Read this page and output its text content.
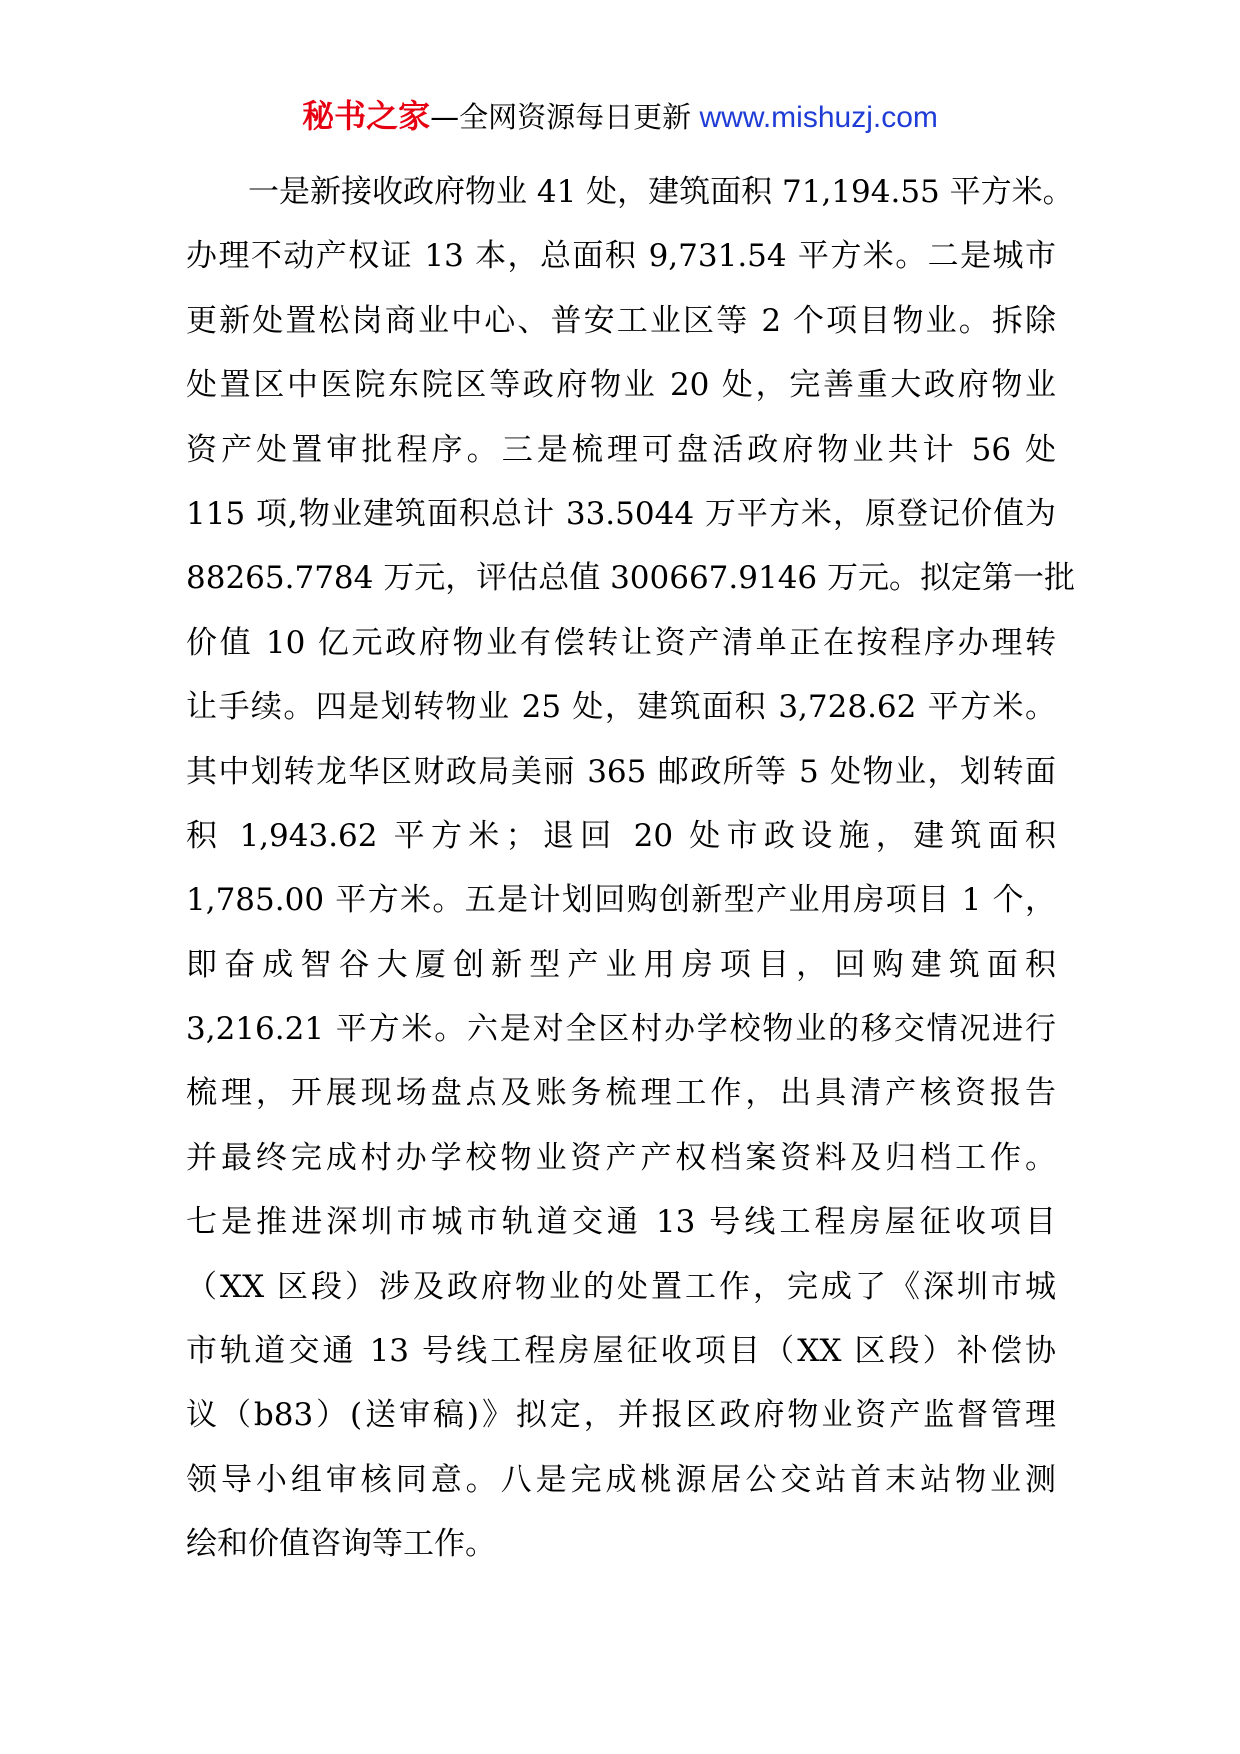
秘书之家—全网资源每日更新 www.mishuzj.com
一是新接收政府物业 41 处，建筑面积 71,194.55 平方米。
办理不动产权证 13 本，总面积 9,731.54 平方米。二是城市
更新处置松岗商业中心、普安工业区等 2 个项目物业。拆除
处置区中医院东院区等政府物业 20 处，完善重大政府物业
资产处置审批程序。三是梳理可盘活政府物业共计 56 处
115 项,物业建筑面积总计 33.5044 万平方米，原登记价值为
88265.7784 万元，评估总值 300667.9146 万元。拟定第一批
价值 10 亿元政府物业有偿转让资产清单正在按程序办理转
让手续。四是划转物业 25 处，建筑面积 3,728.62 平方米。
其中划转龙华区财政局美丽 365 邮政所等 5 处物业，划转面
积 1,943.62 平方米；退回 20 处市政设施，建筑面积
1,785.00 平方米。五是计划回购创新型产业用房项目 1 个，
即奋成智谷大厦创新型产业用房项目，回购建筑面积
3,216.21 平方米。六是对全区村办学校物业的移交情况进行
梳理，开展现场盘点及账务梳理工作，出具清产核资报告
并最终完成村办学校物业资产产权档案资料及归档工作。
七是推进深圳市城市轨道交通 13 号线工程房屋征收项目
（XX 区段）涉及政府物业的处置工作，完成了《深圳市城
市轨道交通 13 号线工程房屋征收项目（XX 区段）补偿协
议（b83）(送审稿)》拟定，并报区政府物业资产监督管理
领导小组审核同意。八是完成桃源居公交站首末站物业测
绘和价值咨询等工作。
